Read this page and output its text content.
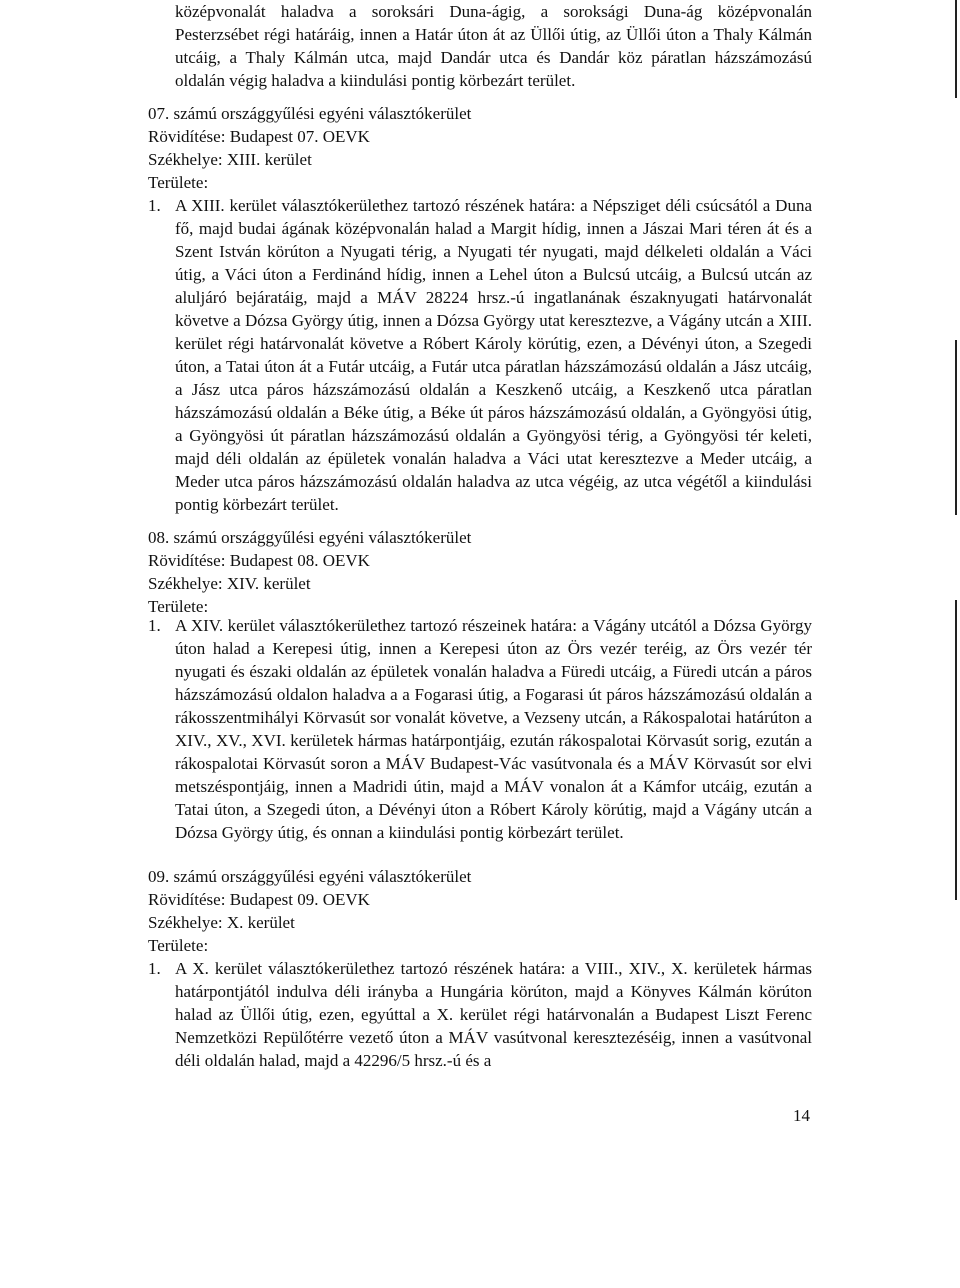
középvonalát haladva a soroksári Duna-ágig, a soroksági Duna-ág középvonalán Pesterzsébet régi határáig, innen a Határ úton át az Üllői útig, az Üllői úton a Thaly Kálmán utcáig, a Thaly Kálmán utca, majd Dandár utca és Dandár köz páratlan házszámozású oldalán végig haladva a kiindulási pontig körbezárt terület.

07. számú országgyűlési egyéni választókerület
Rövidítése: Budapest 07. OEVK
Székhelye: XIII. kerület
Területe:
1. A XIII. kerület választókerülethez tartozó részének határa: a Népsziget déli csúcsától a Duna fő, majd budai ágának középvonalán halad a Margit hídig, innen a Jászai Mari téren át és a Szent István körúton a Nyugati térig, a Nyugati tér nyugati, majd délkeleti oldalán a Váci útig, a Váci úton a Ferdinánd hídig, innen a Lehel úton a Bulcsú utcáig, a Bulcsú utcán az aluljáró bejáratáig, majd a MÁV 28224 hrsz.-ú ingatlanának északnyugati határvonalát követve a Dózsa György útig, innen a Dózsa György utat keresztezve, a Vágány utcán a XIII. kerület régi határvonalát követve a Róbert Károly körútig, ezen, a Dévényi úton, a Szegedi úton, a Tatai úton át a Futár utcáig, a Futár utca páratlan házszámozású oldalán a Jász utcáig, a Jász utca páros házszámozású oldalán a Keszkenő utcáig, a Keszkenő utca páratlan házszámozású oldalán a Béke útig, a Béke út páros házszámozású oldalán, a Gyöngyösi útig, a Gyöngyösi út páratlan házszámozású oldalán a Gyöngyösi térig, a Gyöngyösi tér keleti, majd déli oldalán az épületek vonalán haladva a Váci utat keresztezve a Meder utcáig, a Meder utca páros házszámozású oldalán haladva az utca végéig, az utca végétől a kiindulási pontig körbezárt terület.

08. számú országgyűlési egyéni választókerület
Rövidítése: Budapest 08. OEVK
Székhelye: XIV. kerület
Területe:
1. A XIV. kerület választókerülethez tartozó részeinek határa: a Vágány utcától a Dózsa György úton halad a Kerepesi útig, innen a Kerepesi úton az Örs vezér teréig, az Örs vezér tér nyugati és északi oldalán az épületek vonalán haladva a Füredi utcáig, a Füredi utcán a páros házszámozású oldalon haladva a a Fogarasi útig, a Fogarasi út páros házszámozású oldalán a rákosszentmihályi Körvasút sor vonalát követve, a Vezseny utcán, a Rákospalotai határúton a XIV., XV., XVI. kerületek hármas határpontjáig, ezután rákospalotai Körvasút sorig, ezután a rákospalotai Körvasút soron a MÁV Budapest-Vác vasútvonala és a MÁV Körvasút sor elvi metszéspontjáig, innen a Madridi útin, majd a MÁV vonalon át a Kámfor utcáig, ezután a Tatai úton, a Szegedi úton, a Dévényi úton a Róbert Károly körútig, majd a Vágány utcán a Dózsa György útig, és onnan a kiindulási pontig körbezárt terület.

09. számú országgyűlési egyéni választókerület
Rövidítése: Budapest 09. OEVK
Székhelye: X. kerület
Területe:
1. A X. kerület választókerülethez tartozó részének határa: a VIII., XIV., X. kerületek hármas határpontjától indulva déli irányba a Hungária körúton, majd a Könyves Kálmán körúton halad az Üllői útig, ezen, egyúttal a X. kerület régi határvonalán a Budapest Liszt Ferenc Nemzetközi Repülőtérre vezető úton a MÁV vasútvonal keresztezéséig, innen a vasútvonal déli oldalán halad, majd a 42296/5 hrsz.-ú és a

14
